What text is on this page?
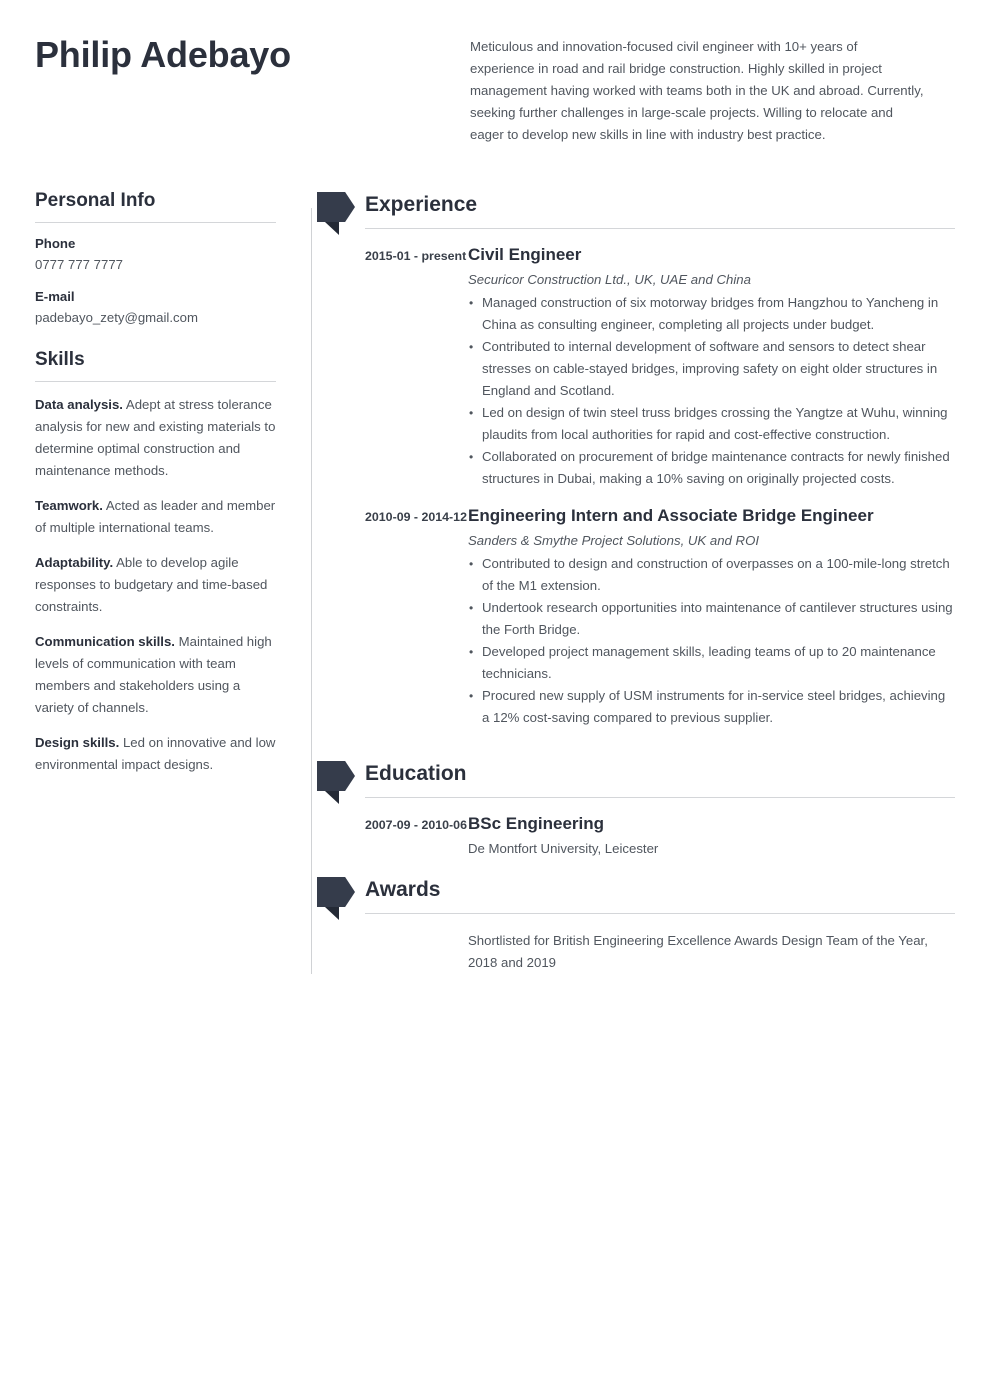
Philip Adebayo	Meticulous and innovation-focused civil engineer with 10+ years of experience in road and rail bridge construction. Highly skilled in project management having worked with teams both in the UK and abroad. Currently, seeking further challenges in large-scale projects. Willing to relocate and eager to develop new skills in line with industry best practice.

Personal Info

Phone

0777 777 7777

E-mail

padebayo_zety@gmail.com

Skills

Data analysis. Adept at stress tolerance analysis for new and existing materials to determine optimal construction and maintenance methods.

Teamwork. Acted as leader and member of multiple international teams.

Adaptability. Able to develop agile responses to budgetary and time-based constraints.

Communication skills. Maintained high levels of communication with team members and stakeholders using a variety of channels.

Design skills. Led on innovative and low environmental impact designs.

Experience
2015-01 - present Civil Engineer

Securicor Construction Ltd., UK, UAE and China

• Managed construction of six motorway bridges from Hangzhou to Yancheng in China as consulting engineer, completing all projects under budget.
• Contributed to internal development of software and sensors to detect shear stresses on cable-stayed bridges, improving safety on eight older structures in England and Scotland.
• Led on design of twin steel truss bridges crossing the Yangtze at Wuhu, winning plaudits from local authorities for rapid and cost-effective construction.
• Collaborated on procurement of bridge maintenance contracts for newly finished structures in Dubai, making a 10% saving on originally projected costs.
2010-09 - 2014-12 Engineering Intern and Associate Bridge Engineer

Sanders & Smythe Project Solutions, UK and ROI

• Contributed to design and construction of overpasses on a 100-mile-long stretch of the M1 extension.
• Undertook research opportunities into maintenance of cantilever structures using the Forth Bridge.
• Developed project management skills, leading teams of up to 20 maintenance technicians.
• Procured new supply of USM instruments for in-service steel bridges, achieving a 12% cost-saving compared to previous supplier.
Education
2007-09 - 2010-06 BSc Engineering

De Montfort University, Leicester

Awards
Shortlisted for British Engineering Excellence Awards Design Team of the Year, 2018 and 2019
